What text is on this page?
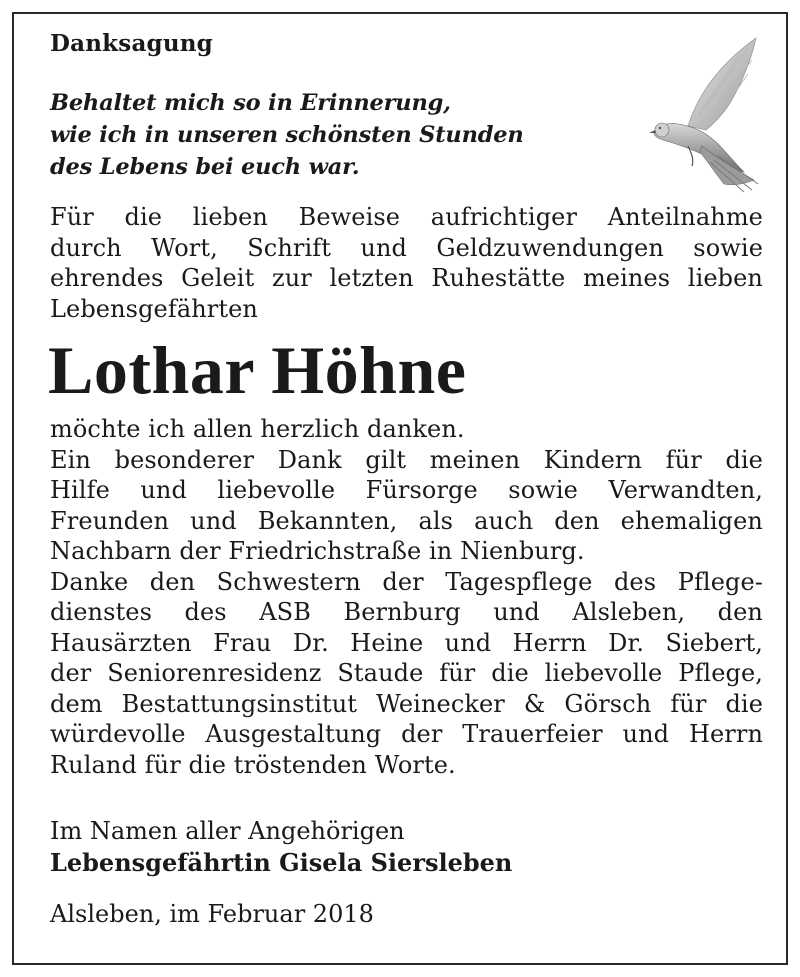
Danksagung
Behaltet mich so in Erinnerung,
wie ich in unseren schönsten Stunden
des Lebens bei euch war.
Für die lieben Beweise aufrichtiger Anteilnahme
durch Wort, Schrift und Geldzuwendungen sowie
ehrendes Geleit zur letzten Ruhestätte meines lieben
Lebensgefährten
Lothar Höhne
möchte ich allen herzlich danken.
Ein besonderer Dank gilt meinen Kindern für die
Hilfe und liebevolle Fürsorge sowie Verwandten,
Freunden und Bekannten, als auch den ehemaligen
Nachbarn der Friedrichstraße in Nienburg.
Danke den Schwestern der Tagespflege des Pflege-
dienstes des ASB Bernburg und Alsleben, den
Hausärzten Frau Dr. Heine und Herrn Dr. Siebert,
der Seniorenresidenz Staude für die liebevolle Pflege,
dem Bestattungsinstitut Weinecker & Görsch für die
würdevolle Ausgestaltung der Trauerfeier und Herrn
Ruland für die tröstenden Worte.
Im Namen aller Angehörigen
Lebensgefährtin Gisela Siersleben
Alsleben, im Februar 2018
